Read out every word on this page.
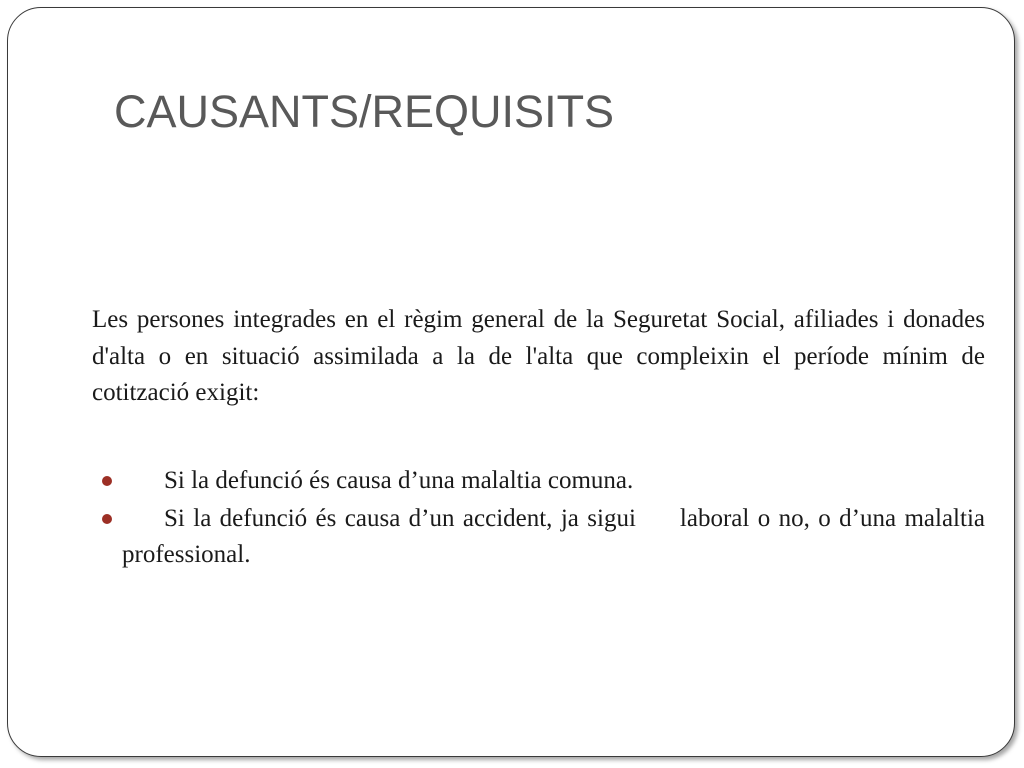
CAUSANTS/REQUISITS

Les persones integrades en el règim general de la Seguretat Social, afiliades i donades d'alta o en situació assimilada a la de l'alta que compleixin el període mínim de cotització exigit:

Si la defunció és causa d’una malaltia comuna.
Si la defunció és causa d’un accident, ja sigui laboral o no, o d’una malaltia professional.
